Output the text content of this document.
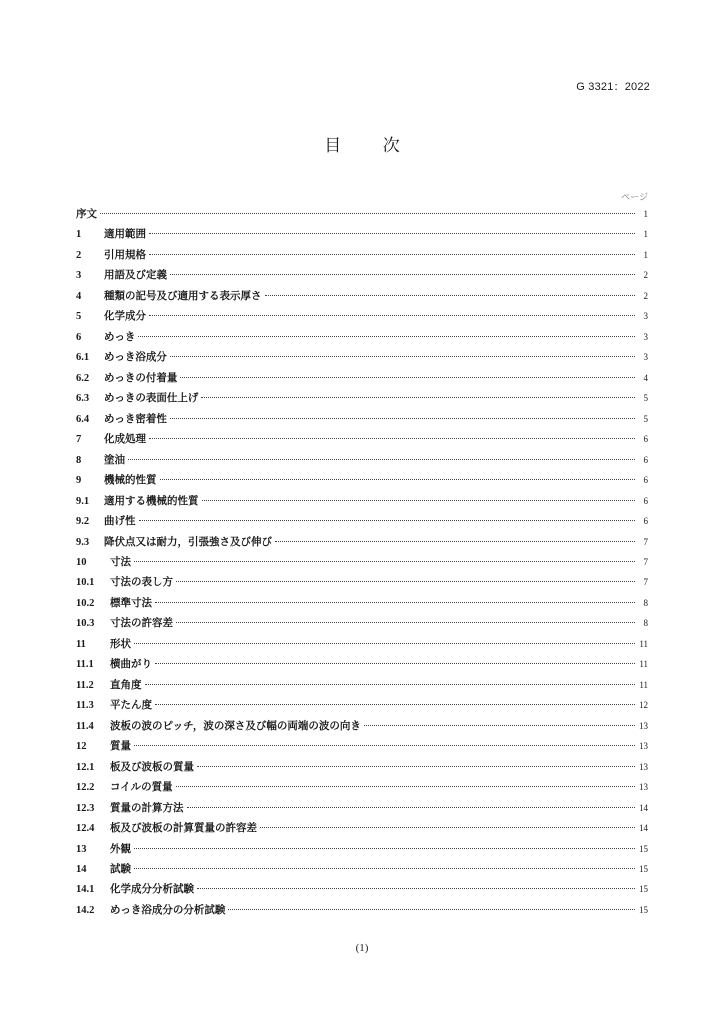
G 3321：2022
目 次
ページ
序文	1
1	適用範囲	1
2	引用規格	1
3	用語及び定義	2
4	種類の記号及び適用する表示厚さ	2
5	化学成分	3
6	めっき	3
6.1	めっき浴成分	3
6.2	めっきの付着量	4
6.3	めっきの表面仕上げ	5
6.4	めっき密着性	5
7	化成処理	6
8	塗油	6
9	機械的性質	6
9.1	適用する機械的性質	6
9.2	曲げ性	6
9.3	降伏点又は耐力，引張強さ及び伸び	7
10	寸法	7
10.1	寸法の表し方	7
10.2	標準寸法	8
10.3	寸法の許容差	8
11	形状	11
11.1	横曲がり	11
11.2	直角度	11
11.3	平たん度	12
11.4	波板の波のピッチ，波の深さ及び幅の両端の波の向き	13
12	質量	13
12.1	板及び波板の質量	13
12.2	コイルの質量	13
12.3	質量の計算方法	14
12.4	板及び波板の計算質量の許容差	14
13	外観	15
14	試験	15
14.1	化学成分分析試験	15
14.2	めっき浴成分の分析試験	15
(1)
